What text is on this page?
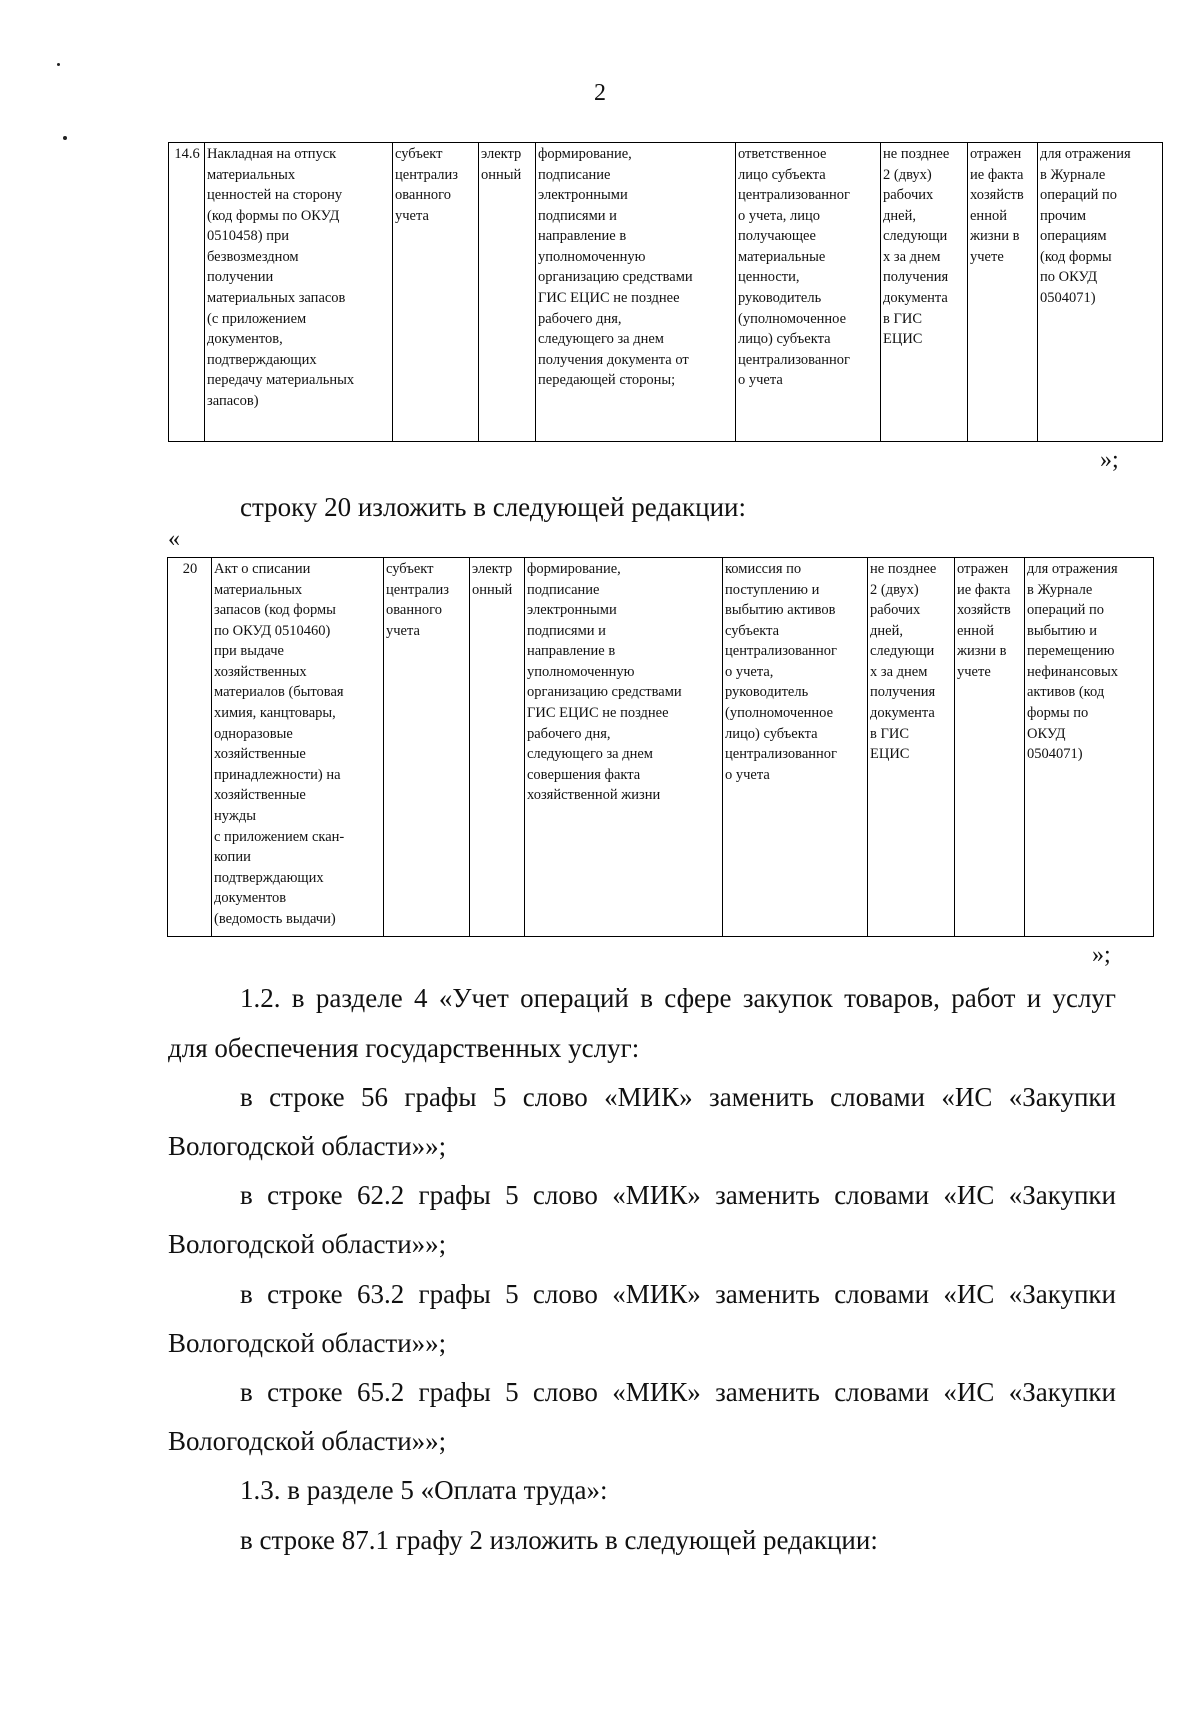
2
14.6	Накладная на отпуск
материальных
ценностей на сторону
(код формы по ОКУД
0510458) при
безвозмездном
получении
материальных запасов
(с приложением
документов,
подтверждающих
передачу материальных
запасов)	субъект
централиз
ованного
учета	электр
онный	формирование,
подписание
электронными
подписями и
направление в
уполномоченную
организацию средствами
ГИС ЕЦИС не позднее
рабочего дня,
следующего за днем
получения документа от
передающей стороны;	ответственное
лицо субъекта
централизованног
о учета, лицо
получающее
материальные
ценности,
руководитель
(уполномоченное
лицо) субъекта
централизованног
о учета	не позднее
2 (двух)
рабочих
дней,
следующи
х за днем
получения
документа
в ГИС
ЕЦИС	отражен
ие факта
хозяйств
енной
жизни в
учете	для отражения
в Журнале
операций по
прочим
операциям
(код формы
по ОКУД
0504071)
»;
строку 20 изложить в следующей редакции:
«
20	Акт о списании
материальных
запасов (код формы
по ОКУД 0510460)
при выдаче
хозяйственных
материалов (бытовая
химия, канцтовары,
одноразовые
хозяйственные
принадлежности) на
хозяйственные
нужды
с приложением скан-
копии
подтверждающих
документов
(ведомость выдачи)	субъект
централиз
ованного
учета	электр
онный	формирование,
подписание
электронными
подписями и
направление в
уполномоченную
организацию средствами
ГИС ЕЦИС не позднее
рабочего дня,
следующего за днем
совершения факта
хозяйственной жизни	комиссия по
поступлению и
выбытию активов
субъекта
централизованног
о учета,
руководитель
(уполномоченное
лицо) субъекта
централизованног
о учета	не позднее
2 (двух)
рабочих
дней,
следующи
х за днем
получения
документа
в ГИС
ЕЦИС	отражен
ие факта
хозяйств
енной
жизни в
учете	для отражения
в Журнале
операций по
выбытию и
перемещению
нефинансовых
активов (код
формы по
ОКУД
0504071)
»;
1.2. в разделе 4 «Учет операций в сфере закупок товаров, работ и услуг
для обеспечения государственных услуг:
в строке 56 графы 5 слово «МИК» заменить словами «ИС «Закупки
Вологодской области»»;
в строке 62.2 графы 5 слово «МИК» заменить словами «ИС «Закупки
Вологодской области»»;
в строке 63.2 графы 5 слово «МИК» заменить словами «ИС «Закупки
Вологодской области»»;
в строке 65.2 графы 5 слово «МИК» заменить словами «ИС «Закупки
Вологодской области»»;
1.3. в разделе 5 «Оплата труда»:
в строке 87.1 графу 2 изложить в следующей редакции:
